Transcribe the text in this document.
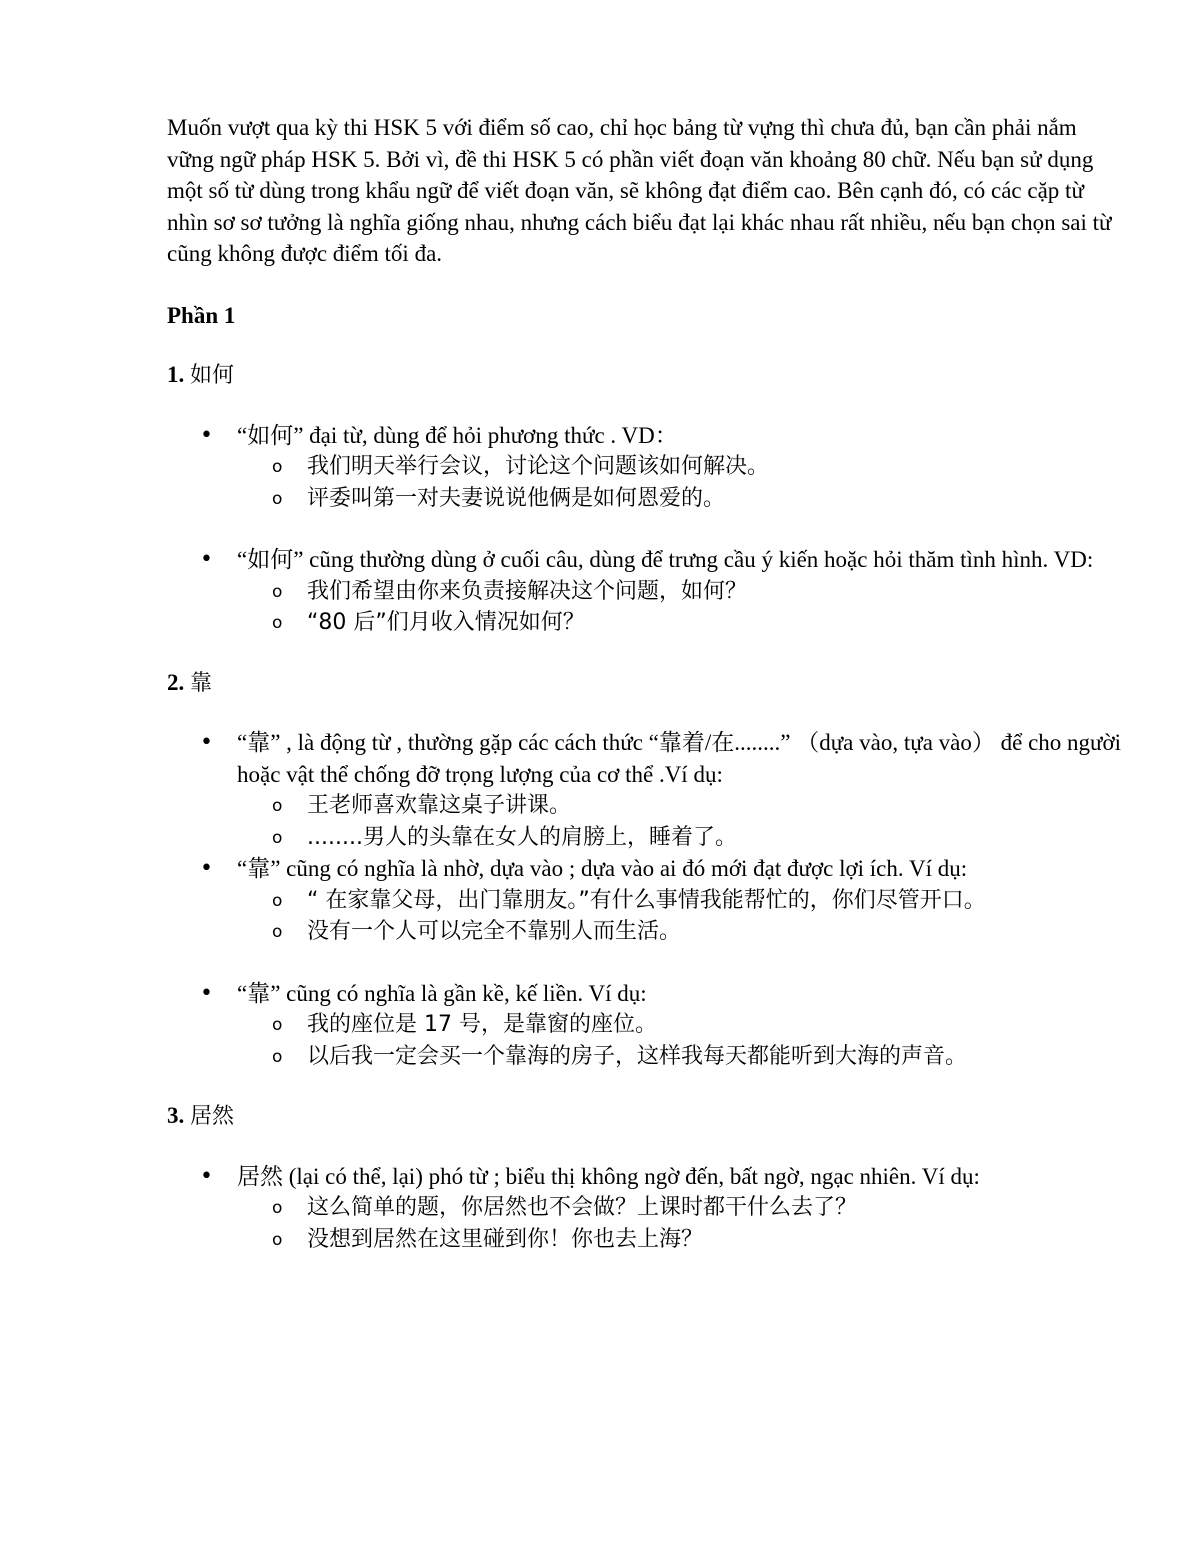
Muốn vượt qua kỳ thi HSK 5 với điểm số cao, chỉ học bảng từ vựng thì chưa đủ, bạn cần phải nắm vững ngữ pháp HSK 5. Bởi vì, đề thi HSK 5 có phần viết đoạn văn khoảng 80 chữ. Nếu bạn sử dụng một số từ dùng trong khẩu ngữ để viết đoạn văn, sẽ không đạt điểm cao. Bên cạnh đó, có các cặp từ nhìn sơ sơ tưởng là nghĩa giống nhau, nhưng cách biểu đạt lại khác nhau rất nhiều, nếu bạn chọn sai từ cũng không được điểm tối đa.

Phần 1

1. 如何

• “如何” đại từ, dùng để hỏi phương thức . VD：
o 我们明天举行会议，讨论这个问题该如何解决。
o 评委叫第一对夫妻说说他俩是如何恩爱的。
• “如何” cũng thường dùng ở cuối câu, dùng để trưng cầu ý kiến hoặc hỏi thăm tình hình. VD:
o 我们希望由你来负责接解决这个问题，如何？
o “80 后”们月收入情况如何？

2. 靠

• “靠” , là động từ , thường gặp các cách thức “靠着/在........” （dựa vào, tựa vào） để cho người hoặc vật thể chống đỡ trọng lượng của cơ thể .Ví dụ:
o 王老师喜欢靠这桌子讲课。
o ........男人的头靠在女人的肩膀上，睡着了。
• “靠” cũng có nghĩa là nhờ, dựa vào ; dựa vào ai đó mới đạt được lợi ích. Ví dụ:
o “ 在家靠父母，出门靠朋友。”有什么事情我能帮忙的，你们尽管开口。
o 没有一个人可以完全不靠别人而生活。
• “靠” cũng có nghĩa là gần kề, kế liền. Ví dụ:
o 我的座位是 17 号，是靠窗的座位。
o 以后我一定会买一个靠海的房子，这样我每天都能听到大海的声音。

3. 居然

• 居然 (lại có thể, lại) phó từ ; biểu thị không ngờ đến, bất ngờ, ngạc nhiên. Ví dụ:
o 这么简单的题，你居然也不会做？上课时都干什么去了？
o 没想到居然在这里碰到你！你也去上海？
